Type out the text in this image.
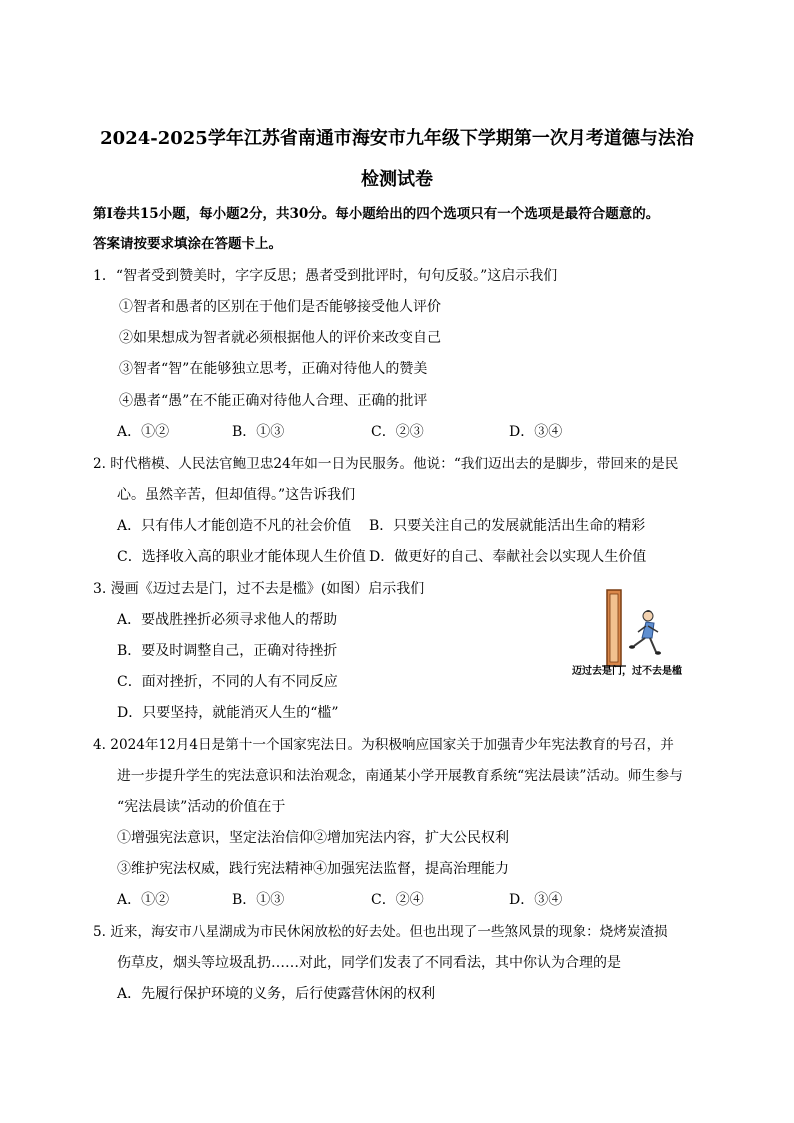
2024-2025学年江苏省南通市海安市九年级下学期第一次月考道德与法治
检测试卷
第Ⅰ卷共15小题，每小题2分，共30分。每小题给出的四个选项只有一个选项是最符合题意的。
答案请按要求填涂在答题卡上。
1．“智者受到赞美时，字字反思；愚者受到批评时，句句反驳。”这启示我们
①智者和愚者的区别在于他们是否能够接受他人评价
②如果想成为智者就必须根据他人的评价来改变自己
③智者“智”在能够独立思考，正确对待他人的赞美
④愚者“愚”在不能正确对待他人合理、正确的批评
A．①②	B．①③	C．②③	D．③④
2. 时代楷模、人民法官鲍卫忠24年如一日为民服务。他说：“我们迈出去的是脚步，带回来的是民
心。虽然辛苦，但却值得。”这告诉我们
A．只有伟人才能创造不凡的社会价值 B．只要关注自己的发展就能活出生命的精彩
C．选择收入高的职业才能体现人生价值 D．做更好的自己、奉献社会以实现人生价值
3. 漫画《迈过去是门，过不去是槛》(如图）启示我们
A．要战胜挫折必须寻求他人的帮助
B．要及时调整自己，正确对待挫折
C．面对挫折，不同的人有不同反应
D．只要坚持，就能消灭人生的“槛”
迈过去是门，过不去是槛
4. 2024年12月4日是第十一个国家宪法日。为积极响应国家关于加强青少年宪法教育的号召，并
进一步提升学生的宪法意识和法治观念，南通某小学开展教育系统“宪法晨读”活动。师生参与
“宪法晨读”活动的价值在于
①增强宪法意识，坚定法治信仰②增加宪法内容，扩大公民权利
③维护宪法权威，践行宪法精神④加强宪法监督，提高治理能力
A．①②	B．①③	C．②④	D．③④
5. 近来，海安市八星湖成为市民休闲放松的好去处。但也出现了一些煞风景的现象：烧烤炭渣损
伤草皮，烟头等垃圾乱扔……对此，同学们发表了不同看法，其中你认为合理的是
A．先履行保护环境的义务，后行使露营休闲的权利
